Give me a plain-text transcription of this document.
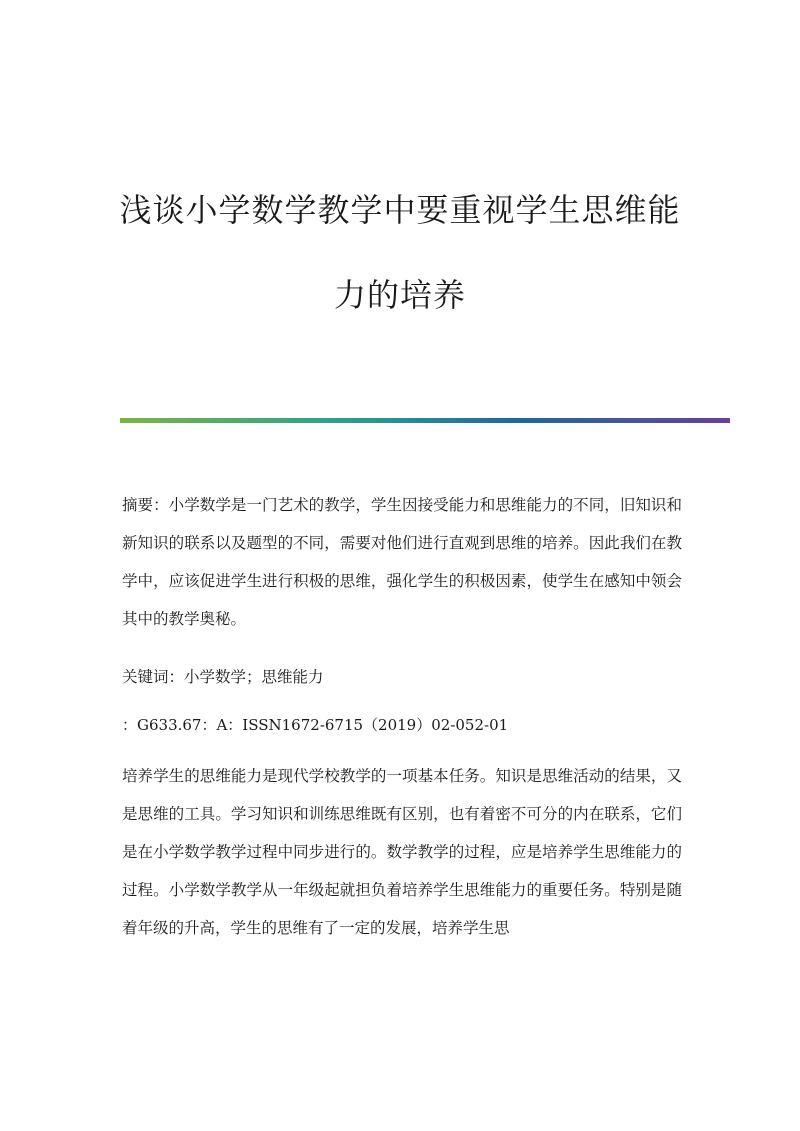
浅谈小学数学教学中要重视学生思维能
力的培养

摘要：小学数学是一门艺术的教学，学生因接受能力和思维能力的不同，旧知识和新知识的联系以及题型的不同，需要对他们进行直观到思维的培养。因此我们在教学中，应该促进学生进行积极的思维，强化学生的积极因素，使学生在感知中领会其中的教学奥秘。

关键词：小学数学；思维能力

：G633.67：A：ISSN1672-6715（2019）02-052-01

培养学生的思维能力是现代学校教学的一项基本任务。知识是思维活动的结果，又是思维的工具。学习知识和训练思维既有区别，也有着密不可分的内在联系，它们是在小学数学教学过程中同步进行的。数学教学的过程，应是培养学生思维能力的过程。小学数学教学从一年级起就担负着培养学生思维能力的重要任务。特别是随着年级的升高，学生的思维有了一定的发展，培养学生思
